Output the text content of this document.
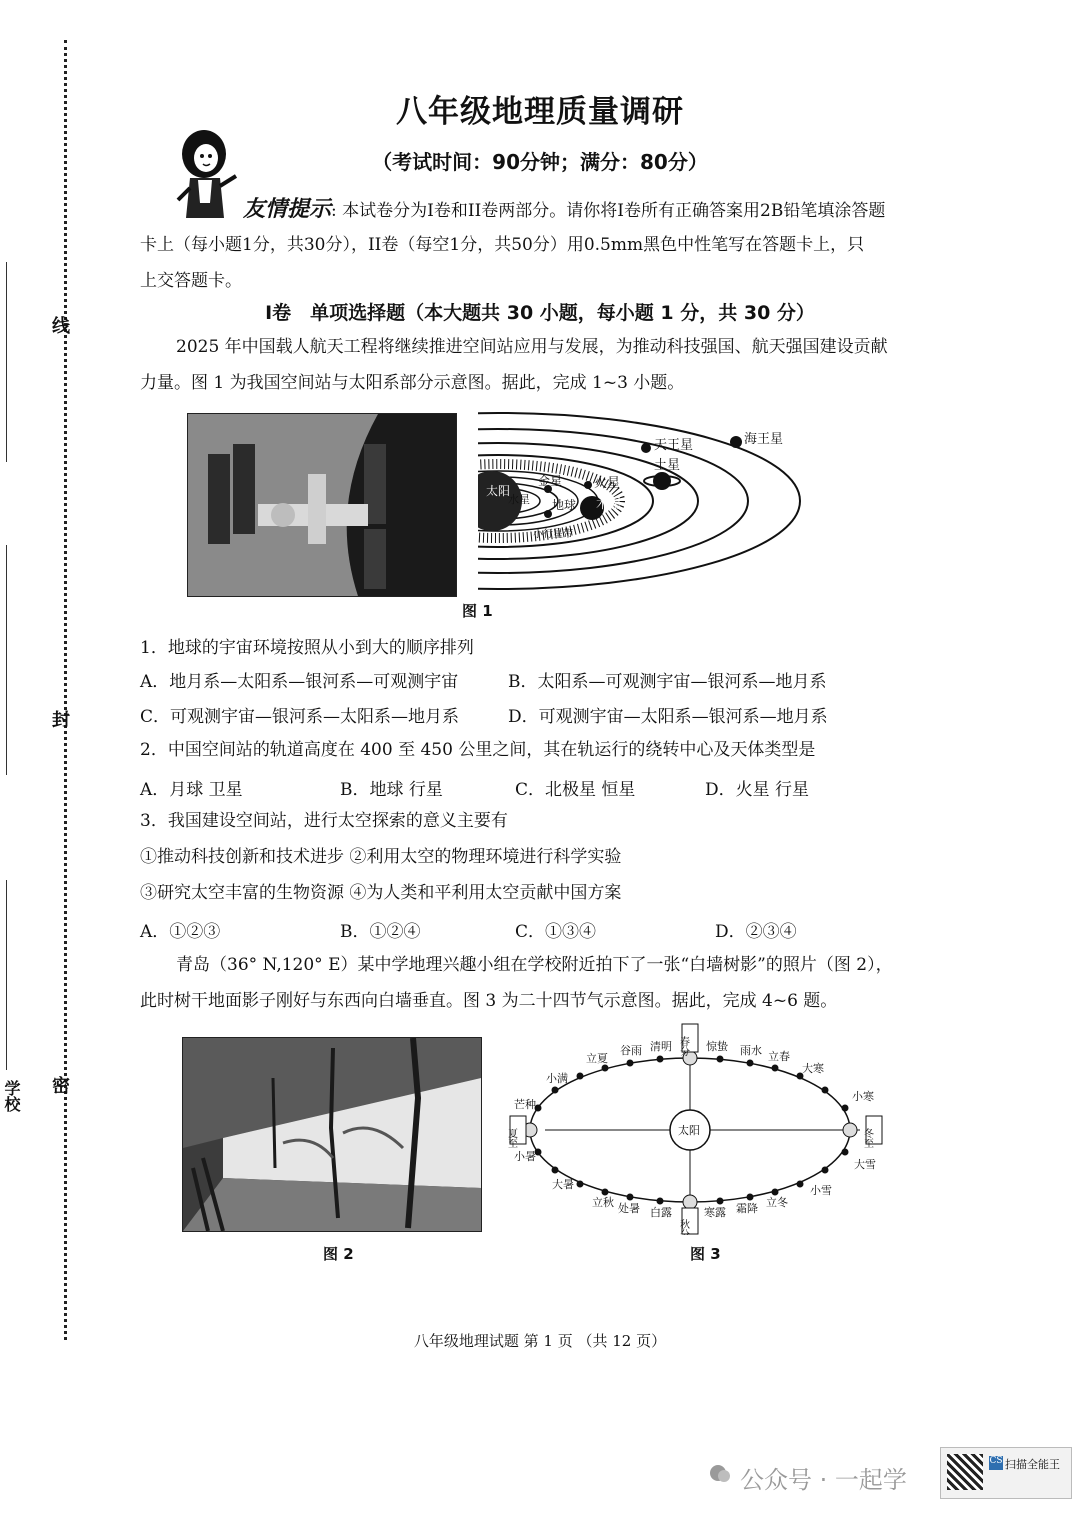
线
封
密
学校
八年级地理质量调研
（考试时间：90分钟；满分：80分）
友情提示: 本试卷分为I卷和II卷两部分。请你将I卷所有正确答案用2B铅笔填涂答题
卡上（每小题1分，共30分），II卷（每空1分，共50分）用0.5mm黑色中性笔写在答题卡上，只
上交答题卡。
I卷　单项选择题（本大题共 30 小题，每小题 1 分，共 30 分）
2025 年中国载人航天工程将继续推进空间站应用与发展，为推动科技强国、航天强国建设贡献
力量。图 1 为我国空间站与太阳系部分示意图。据此，完成 1~3 小题。
太阳
海王星
天王星
土星
木星
火星
金星
地球
水星
小行星带
图 1
1．地球的宇宙环境按照从小到大的顺序排列
A．地月系—太阳系—银河系—可观测宇宙	B．太阳系—可观测宇宙—银河系—地月系
C．可观测宇宙—银河系—太阳系—地月系	D．可观测宇宙—太阳系—银河系—地月系
2．中国空间站的轨道高度在 400 至 450 公里之间，其在轨运行的绕转中心及天体类型是
A．月球 卫星	B．地球 行星	C．北极星 恒星	D．火星 行星
3．我国建设空间站，进行太空探索的意义主要有
①推动科技创新和技术进步 ②利用太空的物理环境进行科学实验
③研究太空丰富的生物资源 ④为人类和平利用太空贡献中国方案
A．①②③	B．①②④	C．①③④	D．②③④
青岛（36° N,120° E）某中学地理兴趣小组在学校附近拍下了一张“白墙树影”的照片（图 2），
此时树干地面影子刚好与东西向白墙垂直。图 3 为二十四节气示意图。据此，完成 4~6 题。
图 2
太阳
春分
秋分
夏至	冬至
立夏
谷雨 清明	惊蛰 雨水 立春
大寒
小满
芒种
小暑
大暑
小寒
大雪
小雪
立秋 处暑 白露	寒露 霜降 立冬
图 3
八年级地理试题 第 1 页 （共 12 页）
公众号 · 一起学
CS 扫描全能王
